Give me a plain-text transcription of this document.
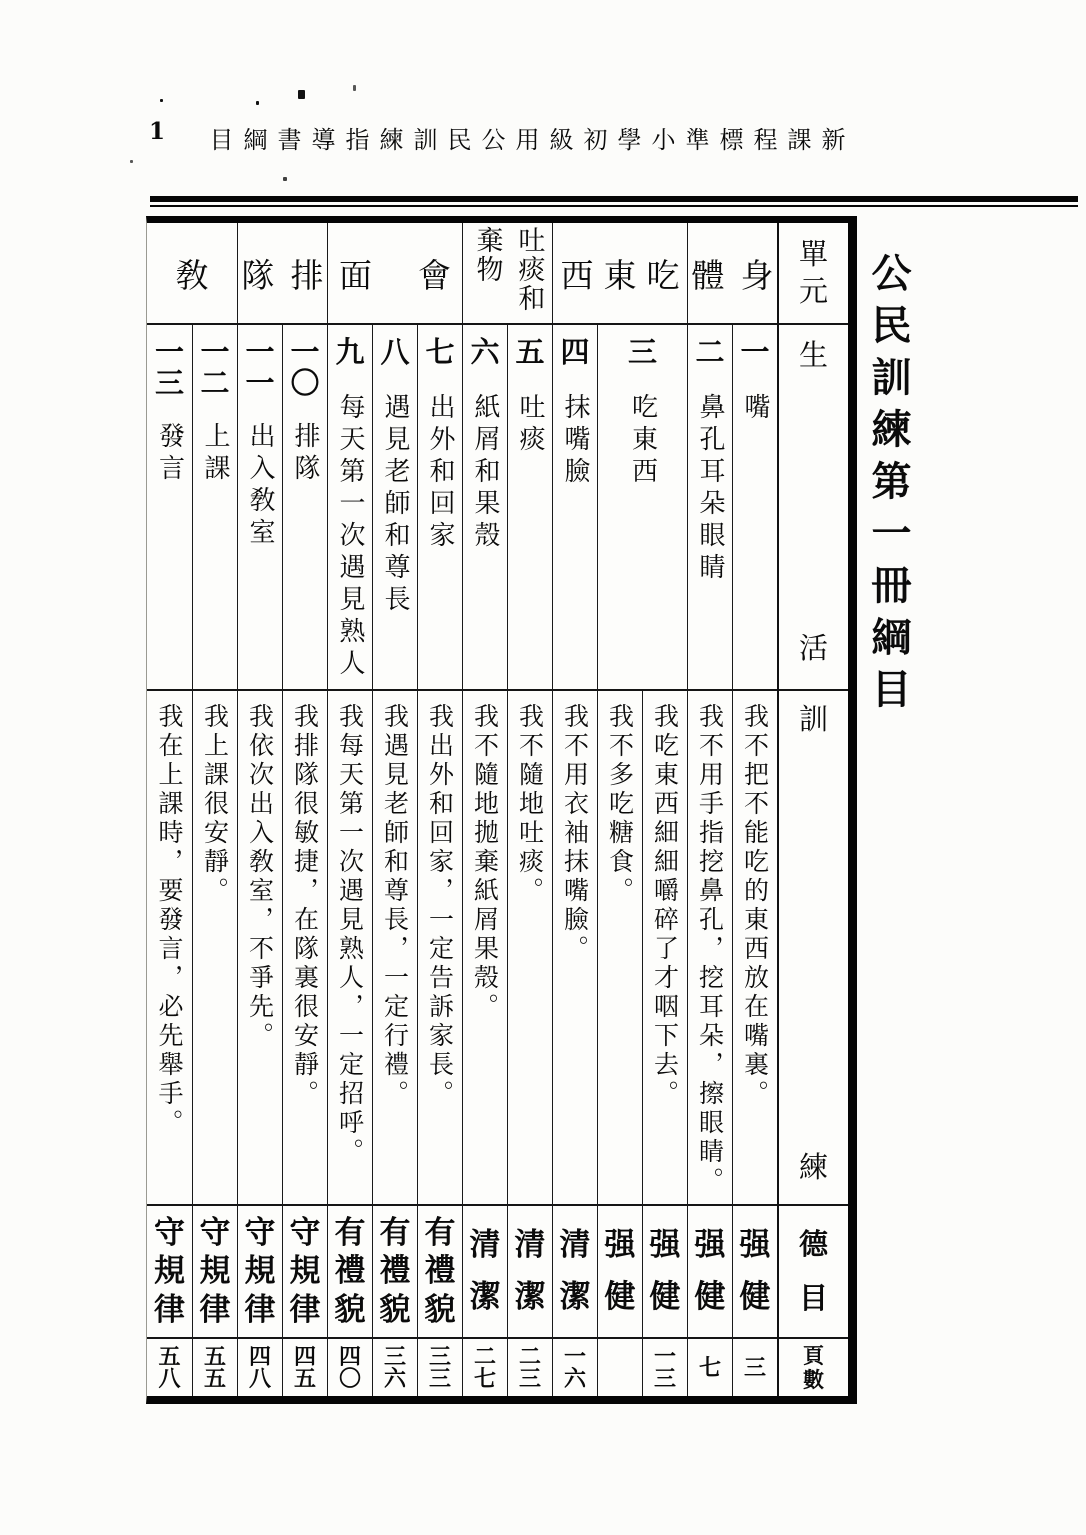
1	新
課
程
標
準
小
學
初
級
用
公
民
訓
練
指
導
書
綱
目
公民訓練第一冊綱目
身
體
吃
東
西
吐痰和棄物
會
面
排
隊
敎
一
嘴
我不把不能吃的東西放在嘴裏。
强
健
三
二
鼻孔耳朵眼睛
我不用手指挖鼻孔，挖耳朵，擦眼睛。
强
健
七
三
吃東西
我吃東西細細嚼碎了才咽下去。
强
健
一
三
我不多吃糖食。
强
健
四
抹嘴臉
我不用衣袖抹嘴臉。
清
潔
一
六
五
吐痰
我不隨地吐痰。
清
潔
二
三
六
紙屑和果殼
我不隨地拋棄紙屑果殼。
清
潔
二
七
七
出外和回家
我出外和回家，一定告訴家長。
有
禮
貌
三
三
八
遇見老師和尊長
我遇見老師和尊長，一定行禮。
有
禮
貌
三
六
九
每天第一次遇見熟人
我每天第一次遇見熟人，一定招呼。
有
禮
貌
四
〇
一
〇
排隊
我排隊很敏捷，在隊裏很安靜。
守
規
律
四
五
一
一
出入敎室
我依次出入敎室，不爭先。
守
規
律
四
八
一
二
上課
我上課很安靜。
守
規
律
五
五
一
三
發言
我在上課時，要發言，必先舉手。
守
規
律
五
八
單
元
生
活
訓
練
德
目
頁
數
